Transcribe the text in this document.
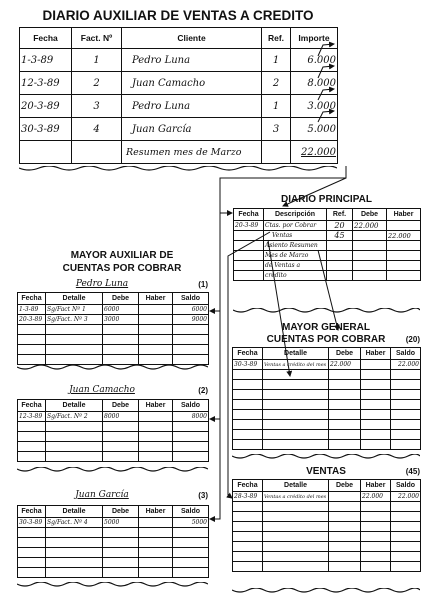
DIARIO AUXILIAR DE VENTAS A CREDITO
Fecha	Fact. Nº	Cliente	Ref.	Importe
1-3-89	1	Pedro Luna	1	6.000
12-3-89	2	Juan Camacho	2	8.000
20-3-89	3	Pedro Luna	1	3.000
30-3-89	4	Juan García	3	5.000
		Resumen mes de Marzo		22.000
DIARIO PRINCIPAL
Fecha	Descripción	Ref.	Debe	Haber
20-3-89	Ctas. por Cobrar	20	22.000	
	Ventas	45		22.000
	Asiento Resumen			
	Mes de Marzo			
	de Ventas a			
	crédito			
MAYOR AUXILIAR DE
CUENTAS POR COBRAR
Pedro Luna	(1)
Fecha	Detalle	Debe	Haber	Saldo
1-3-89	Sg/Fact Nº 1	6000		6000
20-3-89	Sg/Fact. Nº 3	3000		9000

Juan Camacho	(2)
Fecha	Detalle	Debe	Haber	Saldo
12-3-89	Sg/Fact. Nº 2	8000		8000

Juan García	(3)
Fecha	Detalle	Debe	Haber	Saldo
30-3-89	Sg/Fact. Nº 4	5000		5000

MAYOR GENERAL
CUENTAS POR COBRAR	(20)
Fecha	Detalle	Debe	Haber	Saldo
30-3-89	Ventas a crédito del mes	22.000		22.000

VENTAS	(45)
Fecha	Detalle	Debe	Haber	Saldo
28-3-89	Ventas a crédito del mes		22.000	22.000
